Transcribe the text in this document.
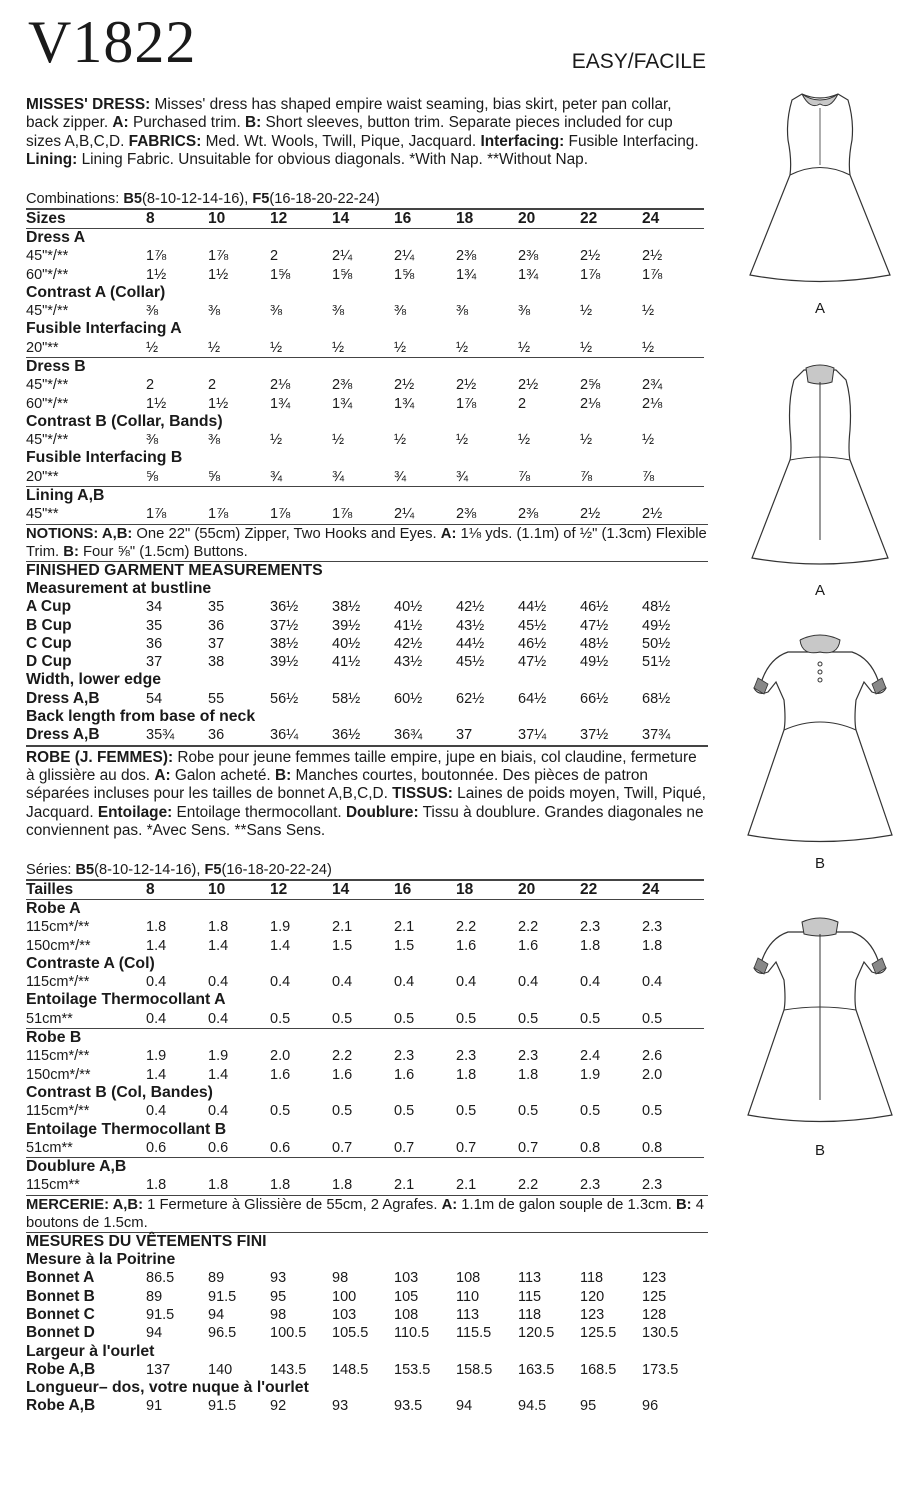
V1822	EASY/FACILE

MISSES' DRESS: Misses' dress has shaped empire waist seaming, bias skirt, peter pan collar, back zipper. A: Purchased trim. B: Short sleeves, button trim. Separate pieces included for cup sizes A,B,C,D. FABRICS: Med. Wt. Wools, Twill, Pique, Jacquard. Interfacing: Fusible Interfacing. Lining: Lining Fabric. Unsuitable for obvious diagonals. *With Nap. **Without Nap.

Combinations: B5(8-10-12-14-16), F5(16-18-20-22-24)

Sizes	8	10	12	14	16	18	20	22	24
Dress A
45"*/**	1⅞	1⅞	2	2¼	2¼	2⅜	2⅜	2½	2½
60"*/**	1½	1½	1⅝	1⅝	1⅝	1¾	1¾	1⅞	1⅞
Contrast A (Collar)
45"*/**	⅜	⅜	⅜	⅜	⅜	⅜	⅜	½	½
Fusible Interfacing A
20"**	½	½	½	½	½	½	½	½	½
Dress B
45"*/**	2	2	2⅛	2⅜	2½	2½	2½	2⅝	2¾
60"*/**	1½	1½	1¾	1¾	1¾	1⅞	2	2⅛	2⅛
Contrast B (Collar, Bands)
45"*/**	⅜	⅜	½	½	½	½	½	½	½
Fusible Interfacing B
20"**	⅝	⅝	¾	¾	¾	¾	⅞	⅞	⅞
Lining A,B
45"**	1⅞	1⅞	1⅞	1⅞	2¼	2⅜	2⅜	2½	2½

NOTIONS: A,B: One 22" (55cm) Zipper, Two Hooks and Eyes. A: 1⅛ yds. (1.1m) of ½" (1.3cm) Flexible Trim. B: Four ⅝" (1.5cm) Buttons.

FINISHED GARMENT MEASUREMENTS
Measurement at bustline
A Cup	34	35	36½	38½	40½	42½	44½	46½	48½
B Cup	35	36	37½	39½	41½	43½	45½	47½	49½
C Cup	36	37	38½	40½	42½	44½	46½	48½	50½
D Cup	37	38	39½	41½	43½	45½	47½	49½	51½
Width, lower edge
Dress A,B	54	55	56½	58½	60½	62½	64½	66½	68½
Back length from base of neck
Dress A,B	35¾	36	36¼	36½	36¾	37	37¼	37½	37¾

ROBE (J. FEMMES): Robe pour jeune femmes taille empire, jupe en biais, col claudine, fermeture à glissière au dos. A: Galon acheté. B: Manches courtes, boutonnée. Des pièces de patron séparées incluses pour les tailles de bonnet A,B,C,D. TISSUS: Laines de poids moyen, Twill, Piqué, Jacquard. Entoilage: Entoilage thermocollant. Doublure: Tissu à doublure. Grandes diagonales ne conviennent pas. *Avec Sens. **Sans Sens.

Séries: B5(8-10-12-14-16), F5(16-18-20-22-24)

Tailles	8	10	12	14	16	18	20	22	24
Robe A
115cm*/**	1.8	1.8	1.9	2.1	2.1	2.2	2.2	2.3	2.3
150cm*/**	1.4	1.4	1.4	1.5	1.5	1.6	1.6	1.8	1.8
Contraste A (Col)
115cm*/**	0.4	0.4	0.4	0.4	0.4	0.4	0.4	0.4	0.4
Entoilage Thermocollant A
51cm**	0.4	0.4	0.5	0.5	0.5	0.5	0.5	0.5	0.5
Robe B
115cm*/**	1.9	1.9	2.0	2.2	2.3	2.3	2.3	2.4	2.6
150cm*/**	1.4	1.4	1.6	1.6	1.6	1.8	1.8	1.9	2.0
Contrast B (Col, Bandes)
115cm*/**	0.4	0.4	0.5	0.5	0.5	0.5	0.5	0.5	0.5
Entoilage Thermocollant B
51cm**	0.6	0.6	0.6	0.7	0.7	0.7	0.7	0.8	0.8
Doublure A,B
115cm**	1.8	1.8	1.8	1.8	2.1	2.1	2.2	2.3	2.3

MERCERIE: A,B: 1 Fermeture à Glissière de 55cm, 2 Agrafes. A: 1.1m de galon souple de 1.3cm. B: 4 boutons de 1.5cm.

MESURES DU VÊTEMENTS FINI
Mesure à la Poitrine
Bonnet A	86.5	89	93	98	103	108	113	118	123
Bonnet B	89	91.5	95	100	105	110	115	120	125
Bonnet C	91.5	94	98	103	108	113	118	123	128
Bonnet D	94	96.5	100.5	105.5	110.5	115.5	120.5	125.5	130.5
Largeur à l'ourlet
Robe A,B	137	140	143.5	148.5	153.5	158.5	163.5	168.5	173.5
Longueur– dos, votre nuque à l'ourlet
Robe A,B	91	91.5	92	93	93.5	94	94.5	95	96
A
A
B
B
